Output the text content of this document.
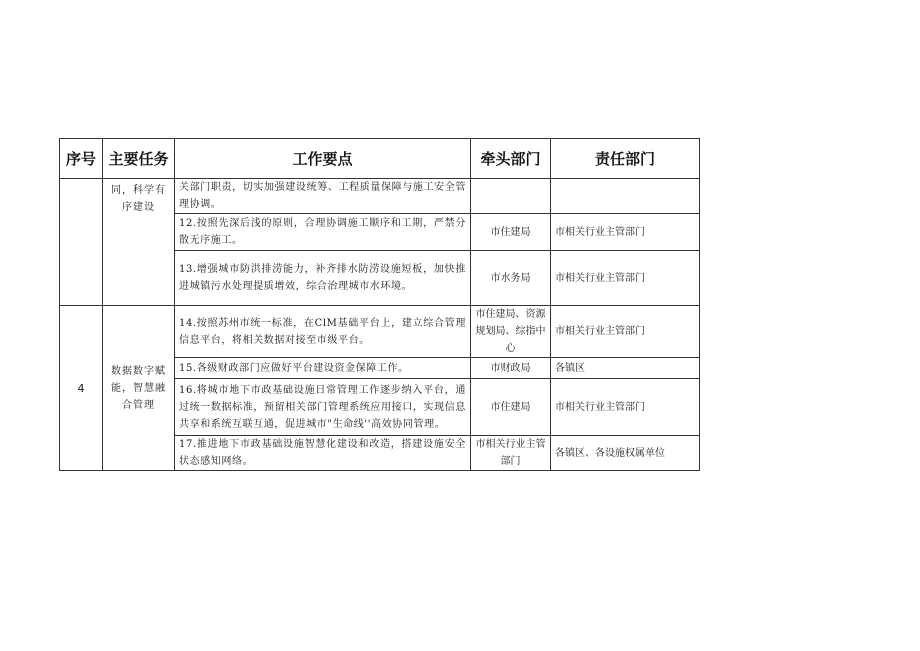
序号	主要任务	工作要点	牵头部门	责任部门
	同，科学有序建设	关部门职责，切实加强建设统筹、工程质量保障与施工安全管理协调。		
		12.按照先深后浅的原则，合理协调施工顺序和工期，严禁分散无序施工。	市住建局	市相关行业主管部门
		13.增强城市防洪排涝能力，补齐排水防涝设施短板，加快推进城镇污水处理提质增效，综合治理城市水环境。	市水务局	市相关行业主管部门
4	数据数字赋能，智慧融合管理	14.按照苏州市统一标准，在ClM基础平台上，建立综合管理信息平台，将相关数据对接至市级平台。	市住建局、资源规划局、综指中心	市相关行业主管部门
		15.各级财政部门应做好平台建设资金保障工作。	市财政局	各镇区
		16.将城市地下市政基础设施日常管理工作逐步纳入平台，通过统一数据标准，预留相关部门管理系统应用接口，实现信息共享和系统互联互通，促进城市"生命线''高效协同管理。	市住建局	市相关行业主管部门
		17.推进地下市政基础设施智慧化建设和改造，搭建设施安全状态感知网络。	市相关行业主管部门	各镇区、各设施权属单位
